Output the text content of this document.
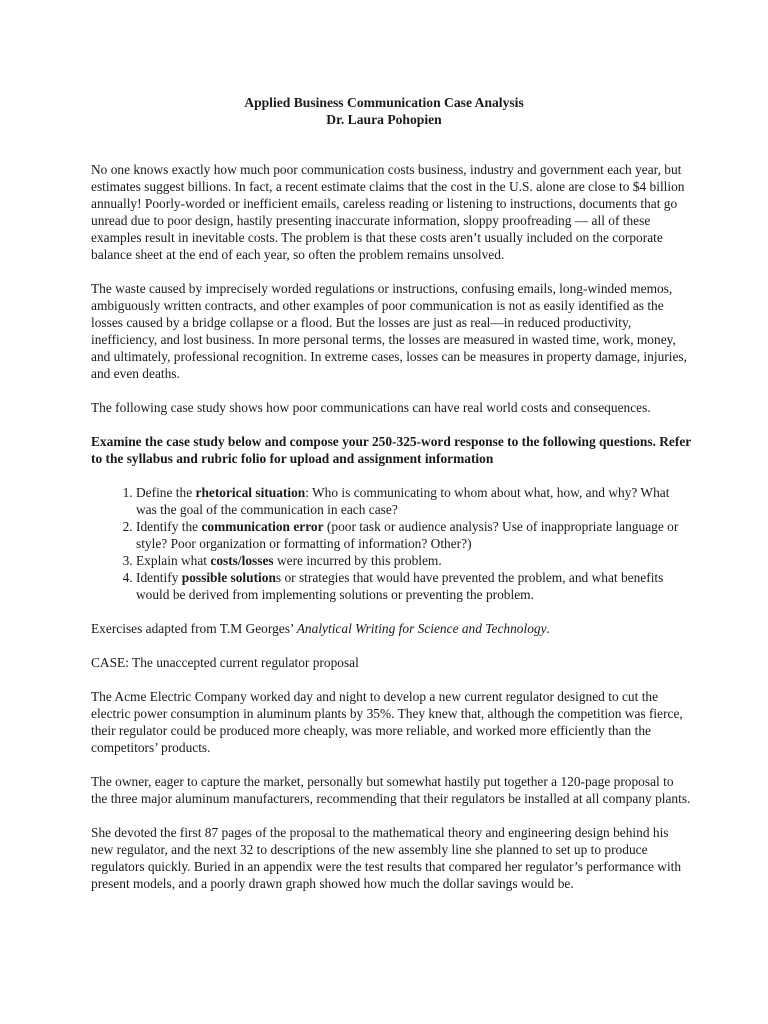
Applied Business Communication Case Analysis
Dr. Laura Pohopien

No one knows exactly how much poor communication costs business, industry and government each year, but estimates suggest billions. In fact, a recent estimate claims that the cost in the U.S. alone are close to $4 billion annually! Poorly-worded or inefficient emails, careless reading or listening to instructions, documents that go unread due to poor design, hastily presenting inaccurate information, sloppy proofreading — all of these examples result in inevitable costs. The problem is that these costs aren’t usually included on the corporate balance sheet at the end of each year, so often the problem remains unsolved.

The waste caused by imprecisely worded regulations or instructions, confusing emails, long-winded memos, ambiguously written contracts, and other examples of poor communication is not as easily identified as the losses caused by a bridge collapse or a flood. But the losses are just as real—in reduced productivity, inefficiency, and lost business. In more personal terms, the losses are measured in wasted time, work, money, and ultimately, professional recognition. In extreme cases, losses can be measures in property damage, injuries, and even deaths.

The following case study shows how poor communications can have real world costs and consequences.

Examine the case study below and compose your 250-325-word response to the following questions. Refer to the syllabus and rubric folio for upload and assignment information

1. Define the rhetorical situation: Who is communicating to whom about what, how, and why? What was the goal of the communication in each case?
2. Identify the communication error (poor task or audience analysis? Use of inappropriate language or style? Poor organization or formatting of information? Other?)
3. Explain what costs/losses were incurred by this problem.
4. Identify possible solutions or strategies that would have prevented the problem, and what benefits would be derived from implementing solutions or preventing the problem.

Exercises adapted from T.M Georges’ Analytical Writing for Science and Technology.

CASE: The unaccepted current regulator proposal

The Acme Electric Company worked day and night to develop a new current regulator designed to cut the electric power consumption in aluminum plants by 35%. They knew that, although the competition was fierce, their regulator could be produced more cheaply, was more reliable, and worked more efficiently than the competitors’ products.

The owner, eager to capture the market, personally but somewhat hastily put together a 120-page proposal to the three major aluminum manufacturers, recommending that their regulators be installed at all company plants.

She devoted the first 87 pages of the proposal to the mathematical theory and engineering design behind his new regulator, and the next 32 to descriptions of the new assembly line she planned to set up to produce regulators quickly. Buried in an appendix were the test results that compared her regulator’s performance with present models, and a poorly drawn graph showed how much the dollar savings would be.
